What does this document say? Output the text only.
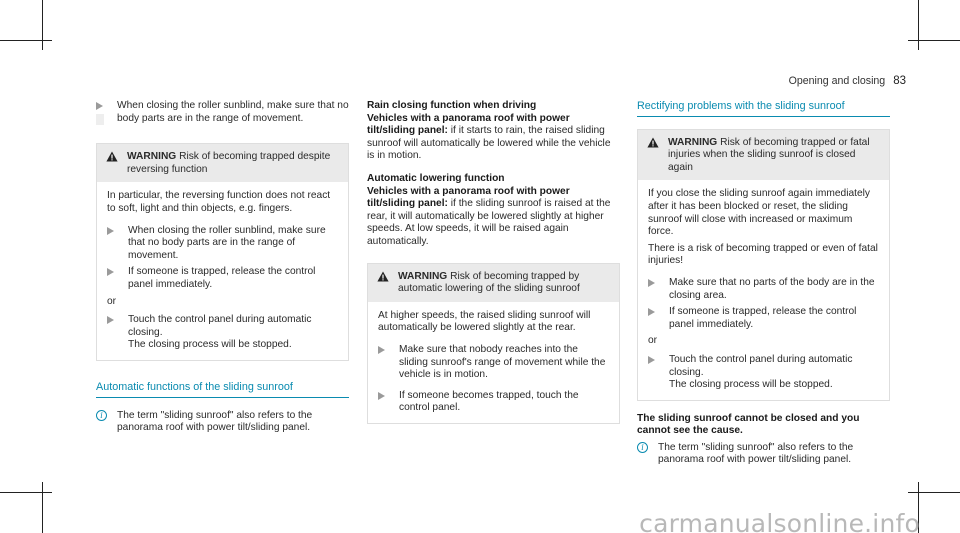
Opening and closing 83
When closing the roller sunblind, make sure that no body parts are in the range of movement.
WARNING Risk of becoming trapped despite reversing function

In particular, the reversing function does not react to soft, light and thin objects, e.g. fingers.

When closing the roller sunblind, make sure that no body parts are in the range of movement.
If someone is trapped, release the control panel immediately.

or

Touch the control panel during automatic closing.
The closing process will be stopped.
Automatic functions of the sliding sunroof
i	The term "sliding sunroof" also refers to the panorama roof with power tilt/sliding panel.

Rain closing function when driving

Vehicles with a panorama roof with power tilt/sliding panel: if it starts to rain, the raised sliding sunroof will automatically be lowered while the vehicle is in motion.

Automatic lowering function

Vehicles with a panorama roof with power tilt/sliding panel: if the sliding sunroof is raised at the rear, it will automatically be lowered slightly at higher speeds. At low speeds, it will be raised again automatically.

WARNING Risk of becoming trapped by automatic lowering of the sliding sunroof

At higher speeds, the raised sliding sunroof will automatically be lowered slightly at the rear.

Make sure that nobody reaches into the sliding sunroof's range of movement while the vehicle is in motion.
If someone becomes trapped, touch the control panel.
Rectifying problems with the sliding sunroof
WARNING Risk of becoming trapped or fatal injuries when the sliding sunroof is closed again

If you close the sliding sunroof again immediately after it has been blocked or reset, the sliding sunroof will close with increased or maximum force.

There is a risk of becoming trapped or even of fatal injuries!

Make sure that no parts of the body are in the closing area.
If someone is trapped, release the control panel immediately.

or

Touch the control panel during automatic closing.
The closing process will be stopped.

The sliding sunroof cannot be closed and you cannot see the cause.

i	The term "sliding sunroof" also refers to the panorama roof with power tilt/sliding panel.
carmanualsonline.info
